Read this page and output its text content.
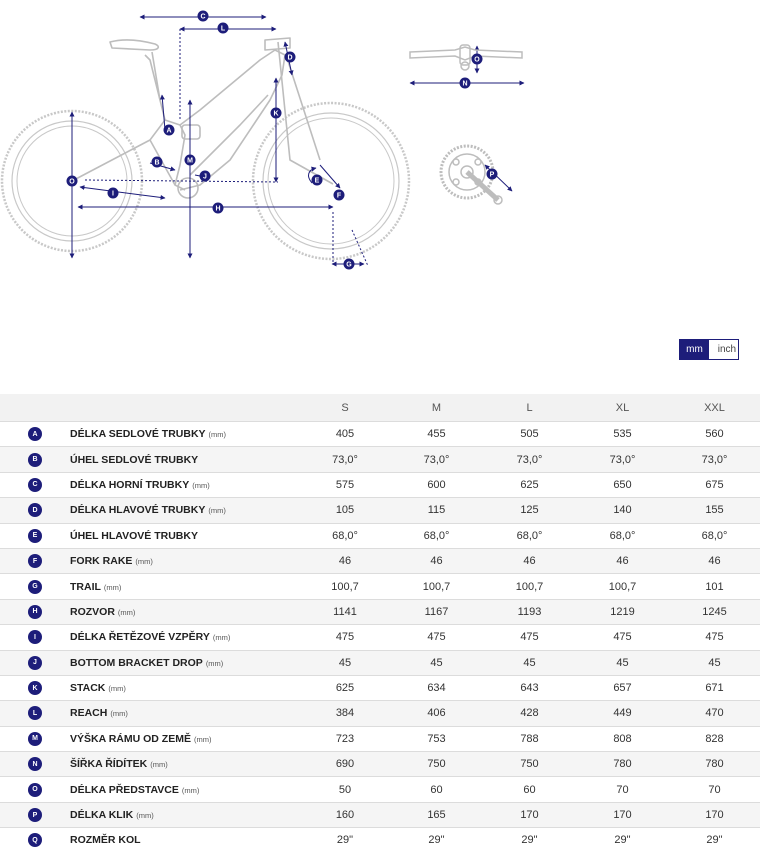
A
B
C
D
E
F
G
H
I
J
K
L
M
N
O
P
O
mm	inch
		S	M	L	XL	XXL
A	DÉLKA SEDLOVÉ TRUBKY (mm)	405	455	505	535	560
B	ÚHEL SEDLOVÉ TRUBKY	73,0°	73,0°	73,0°	73,0°	73,0°
C	DÉLKA HORNÍ TRUBKY (mm)	575	600	625	650	675
D	DÉLKA HLAVOVÉ TRUBKY (mm)	105	115	125	140	155
E	ÚHEL HLAVOVÉ TRUBKY	68,0°	68,0°	68,0°	68,0°	68,0°
F	FORK RAKE (mm)	46	46	46	46	46
G	TRAIL (mm)	100,7	100,7	100,7	100,7	101
H	ROZVOR (mm)	1141	1167	1193	1219	1245
I	DÉLKA ŘETĚZOVÉ VZPĚRY (mm)	475	475	475	475	475
J	BOTTOM BRACKET DROP (mm)	45	45	45	45	45
K	STACK (mm)	625	634	643	657	671
L	REACH (mm)	384	406	428	449	470
M	VÝŠKA RÁMU OD ZEMĚ (mm)	723	753	788	808	828
N	ŠÍŘKA ŘÍDÍTEK (mm)	690	750	750	780	780
O	DÉLKA PŘEDSTAVCE (mm)	50	60	60	70	70
P	DÉLKA KLIK (mm)	160	165	170	170	170
Q	ROZMĚR KOL	29"	29"	29"	29"	29"
